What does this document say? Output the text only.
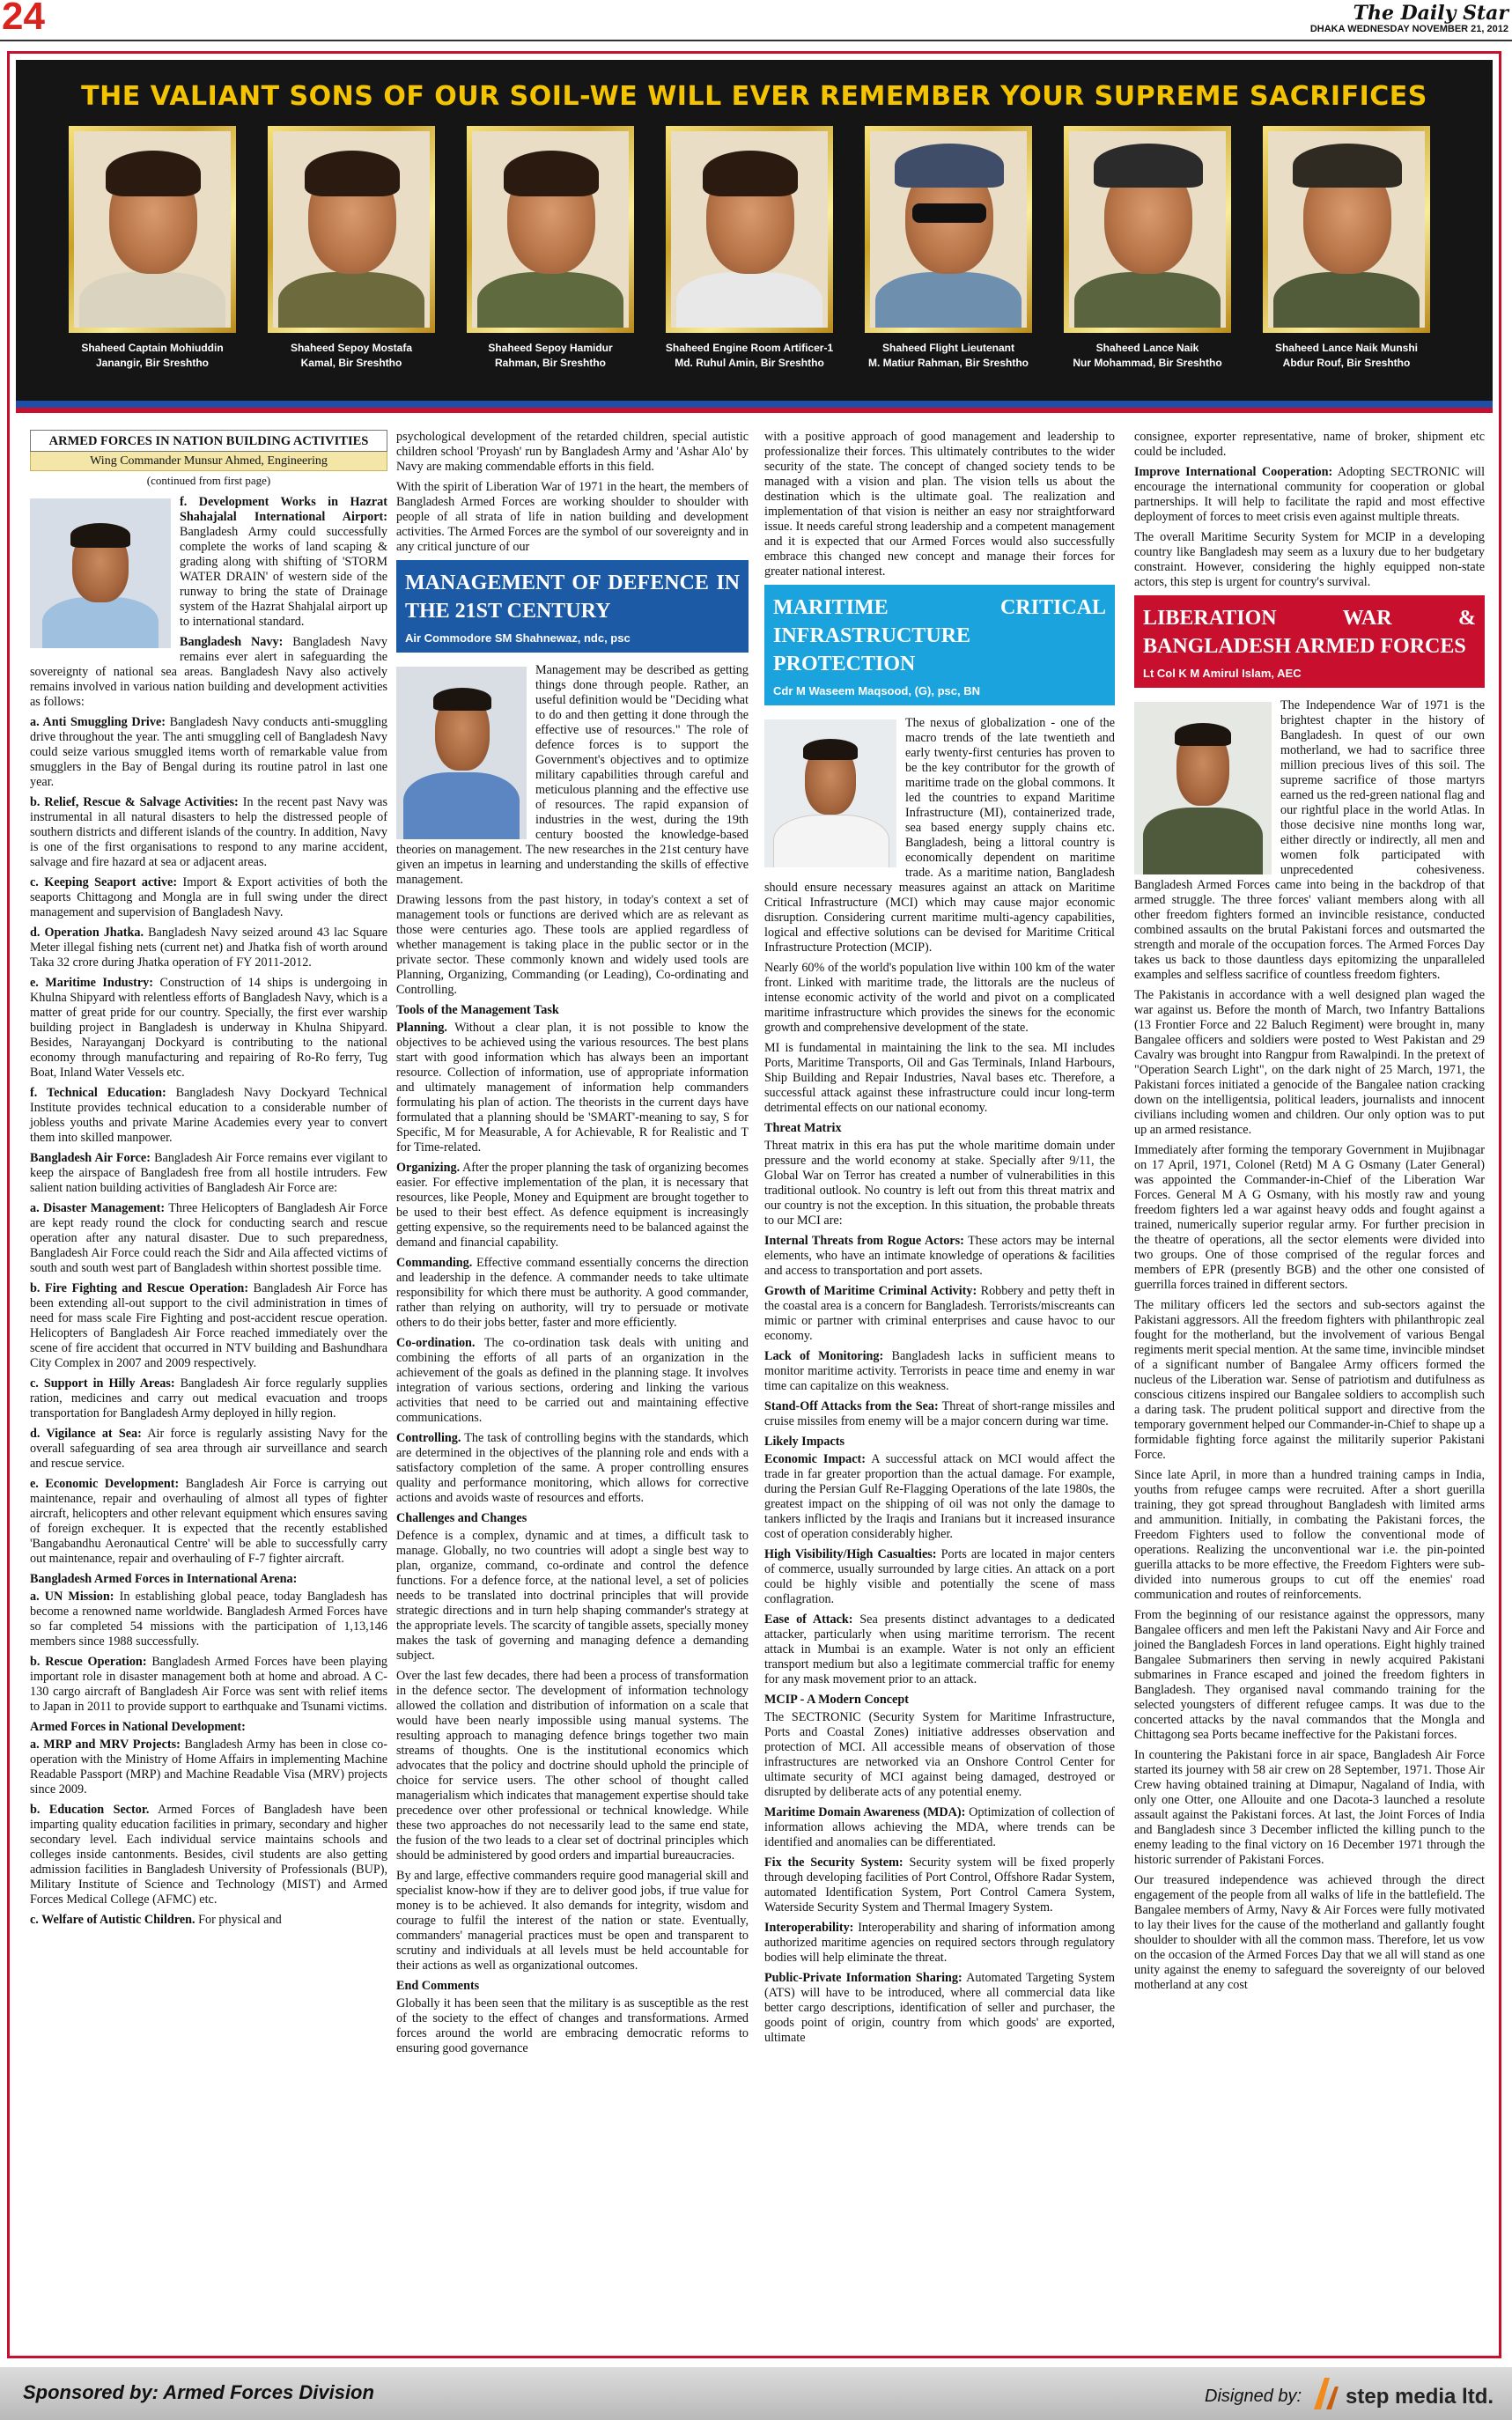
24	The Daily Star
DHAKA WEDNESDAY NOVEMBER 21, 2012
THE VALIANT SONS OF OUR SOIL-WE WILL EVER REMEMBER YOUR SUPREME SACRIFICES
Shaheed Captain Mohiuddin
Janangir, Bir Sreshtho
Shaheed Sepoy Mostafa
Kamal, Bir Sreshtho
Shaheed Sepoy Hamidur
Rahman, Bir Sreshtho
Shaheed Engine Room Artificer-1
Md. Ruhul Amin, Bir Sreshtho
Shaheed Flight Lieutenant
M. Matiur Rahman, Bir Sreshtho
Shaheed Lance Naik
Nur Mohammad, Bir Sreshtho
Shaheed Lance Naik Munshi
Abdur Rouf, Bir Sreshtho
ARMED FORCES IN NATION BUILDING ACTIVITIES
Wing Commander Munsur Ahmed, Engineering
(continued from first page)

f. Development Works in Hazrat Shahajalal International Airport: Bangladesh Army could successfully complete the works of land scaping & grading along with shifting of 'STORM WATER DRAIN' of western side of the runway to bring the state of Drainage system of the Hazrat Shahjalal airport up to international standard.

Bangladesh Navy: Bangladesh Navy remains ever alert in safeguarding the sovereignty of national sea areas. Bangladesh Navy also actively remains involved in various nation building and development activities as follows:

a. Anti Smuggling Drive: Bangladesh Navy conducts anti-smuggling drive throughout the year. The anti smuggling cell of Bangladesh Navy could seize various smuggled items worth of remarkable value from smugglers in the Bay of Bengal during its routine patrol in last one year.

b. Relief, Rescue & Salvage Activities: In the recent past Navy was instrumental in all natural disasters to help the distressed people of southern districts and different islands of the country. In addition, Navy is one of the first organisations to respond to any marine accident, salvage and fire hazard at sea or adjacent areas.

c. Keeping Seaport active: Import & Export activities of both the seaports Chittagong and Mongla are in full swing under the direct management and supervision of Bangladesh Navy.

d. Operation Jhatka. Bangladesh Navy seized around 43 lac Square Meter illegal fishing nets (current net) and Jhatka fish of worth around Taka 32 crore during Jhatka operation of FY 2011-2012.

e. Maritime Industry: Construction of 14 ships is undergoing in Khulna Shipyard with relentless efforts of Bangladesh Navy, which is a matter of great pride for our country. Specially, the first ever warship building project in Bangladesh is underway in Khulna Shipyard. Besides, Narayanganj Dockyard is contributing to the national economy through manufacturing and repairing of Ro-Ro ferry, Tug Boat, Inland Water Vessels etc.

f. Technical Education: Bangladesh Navy Dockyard Technical Institute provides technical education to a considerable number of jobless youths and private Marine Academies every year to convert them into skilled manpower.

Bangladesh Air Force: Bangladesh Air Force remains ever vigilant to keep the airspace of Bangladesh free from all hostile intruders. Few salient nation building activities of Bangladesh Air Force are:

a. Disaster Management: Three Helicopters of Bangladesh Air Force are kept ready round the clock for conducting search and rescue operation after any natural disaster. Due to such preparedness, Bangladesh Air Force could reach the Sidr and Aila affected victims of south and south west part of Bangladesh within shortest possible time.

b. Fire Fighting and Rescue Operation: Bangladesh Air Force has been extending all-out support to the civil administration in times of need for mass scale Fire Fighting and post-accident rescue operation. Helicopters of Bangladesh Air Force reached immediately over the scene of fire accident that occurred in NTV building and Bashundhara City Complex in 2007 and 2009 respectively.

c. Support in Hilly Areas: Bangladesh Air force regularly supplies ration, medicines and carry out medical evacuation and troops transportation for Bangladesh Army deployed in hilly region.

d. Vigilance at Sea: Air force is regularly assisting Navy for the overall safeguarding of sea area through air surveillance and search and rescue service.

e. Economic Development: Bangladesh Air Force is carrying out maintenance, repair and overhauling of almost all types of fighter aircraft, helicopters and other relevant equipment which ensures saving of foreign exchequer. It is expected that the recently established 'Bangabandhu Aeronautical Centre' will be able to successfully carry out maintenance, repair and overhauling of F-7 fighter aircraft.

Bangladesh Armed Forces in International Arena:

a. UN Mission: In establishing global peace, today Bangladesh has become a renowned name worldwide. Bangladesh Armed Forces have so far completed 54 missions with the participation of 1,13,146 members since 1988 successfully.

b. Rescue Operation: Bangladesh Armed Forces have been playing important role in disaster management both at home and abroad. A C-130 cargo aircraft of Bangladesh Air Force was sent with relief items to Japan in 2011 to provide support to earthquake and Tsunami victims.

Armed Forces in National Development:

a. MRP and MRV Projects: Bangladesh Army has been in close co-operation with the Ministry of Home Affairs in implementing Machine Readable Passport (MRP) and Machine Readable Visa (MRV) projects since 2009.

b. Education Sector. Armed Forces of Bangladesh have been imparting quality education facilities in primary, secondary and higher secondary level. Each individual service maintains schools and colleges inside cantonments. Besides, civil students are also getting admission facilities in Bangladesh University of Professionals (BUP), Military Institute of Science and Technology (MIST) and Armed Forces Medical College (AFMC) etc.

c. Welfare of Autistic Children. For physical and

psychological development of the retarded children, special autistic children school 'Proyash' run by Bangladesh Army and 'Ashar Alo' by Navy are making commendable efforts in this field.

With the spirit of Liberation War of 1971 in the heart, the members of Bangladesh Armed Forces are working shoulder to shoulder with people of all strata of life in nation building and development activities. The Armed Forces are the symbol of our sovereignty and in any critical juncture of our

MANAGEMENT OF DEFENCE IN THE 21ST CENTURY
Air Commodore SM Shahnewaz, ndc, psc

Management may be described as getting things done through people. Rather, an useful definition would be "Deciding what to do and then getting it done through the effective use of resources." The role of defence forces is to support the Government's objectives and to optimize military capabilities through careful and meticulous planning and the effective use of resources. The rapid expansion of industries in the west, during the 19th century boosted the knowledge-based theories on management. The new researches in the 21st century have given an impetus in learning and understanding the skills of effective management.

Drawing lessons from the past history, in today's context a set of management tools or functions are derived which are as relevant as those were centuries ago. These tools are applied regardless of whether management is taking place in the public sector or in the private sector. These commonly known and widely used tools are Planning, Organizing, Commanding (or Leading), Co-ordinating and Controlling.

Tools of the Management Task

Planning. Without a clear plan, it is not possible to know the objectives to be achieved using the various resources. The best plans start with good information which has always been an important resource. Collection of information, use of appropriate information and ultimately management of information help commanders formulating his plan of action. The theorists in the current days have formulated that a planning should be 'SMART'-meaning to say, S for Specific, M for Measurable, A for Achievable, R for Realistic and T for Time-related.

Organizing. After the proper planning the task of organizing becomes easier. For effective implementation of the plan, it is necessary that resources, like People, Money and Equipment are brought together to be used to their best effect. As defence equipment is increasingly getting expensive, so the requirements need to be balanced against the demand and financial capability.

Commanding. Effective command essentially concerns the direction and leadership in the defence. A commander needs to take ultimate responsibility for which there must be authority. A good commander, rather than relying on authority, will try to persuade or motivate others to do their jobs better, faster and more efficiently.

Co-ordination. The co-ordination task deals with uniting and combining the efforts of all parts of an organization in the achievement of the goals as defined in the planning stage. It involves integration of various sections, ordering and linking the various activities that need to be carried out and maintaining effective communications.

Controlling. The task of controlling begins with the standards, which are determined in the objectives of the planning role and ends with a satisfactory completion of the same. A proper controlling ensures quality and performance monitoring, which allows for corrective actions and avoids waste of resources and efforts.

Challenges and Changes

Defence is a complex, dynamic and at times, a difficult task to manage. Globally, no two countries will adopt a single best way to plan, organize, command, co-ordinate and control the defence functions. For a defence force, at the national level, a set of policies needs to be translated into doctrinal principles that will provide strategic directions and in turn help shaping commander's strategy at the appropriate levels. The scarcity of tangible assets, specially money makes the task of governing and managing defence a demanding subject.

Over the last few decades, there had been a process of transformation in the defence sector. The development of information technology allowed the collation and distribution of information on a scale that would have been nearly impossible using manual systems. The resulting approach to managing defence brings together two main streams of thoughts. One is the institutional economics which advocates that the policy and doctrine should uphold the principle of choice for service users. The other school of thought called managerialism which indicates that management expertise should take precedence over other professional or technical knowledge. While these two approaches do not necessarily lead to the same end state, the fusion of the two leads to a clear set of doctrinal principles which should be administered by good orders and impartial bureaucracies.

By and large, effective commanders require good managerial skill and specialist know-how if they are to deliver good jobs, if true value for money is to be achieved. It also demands for integrity, wisdom and courage to fulfil the interest of the nation or state. Eventually, commanders' managerial practices must be open and transparent to scrutiny and individuals at all levels must be held accountable for their actions as well as organizational outcomes.

End Comments

Globally it has been seen that the military is as susceptible as the rest of the society to the effect of changes and transformations. Armed forces around the world are embracing democratic reforms to ensuring good governance

with a positive approach of good management and leadership to professionalize their forces. This ultimately contributes to the wider security of the state. The concept of changed society tends to be managed with a vision and plan. The vision tells us about the destination which is the ultimate goal. The realization and implementation of that vision is neither an easy nor straightforward issue. It needs careful strong leadership and a competent management and it is expected that our Armed Forces would also successfully embrace this changed new concept and manage their forces for greater national interest.

MARITIME CRITICAL INFRASTRUCTURE PROTECTION
Cdr M Waseem Maqsood, (G), psc, BN

The nexus of globalization - one of the macro trends of the late twentieth and early twenty-first centuries has proven to be the key contributor for the growth of maritime trade on the global commons. It led the countries to expand Maritime Infrastructure (MI), containerized trade, sea based energy supply chains etc. Bangladesh, being a littoral country is economically dependent on maritime trade. As a maritime nation, Bangladesh should ensure necessary measures against an attack on Maritime Critical Infrastructure (MCI) which may cause major economic disruption. Considering current maritime multi-agency capabilities, logical and effective solutions can be devised for Maritime Critical Infrastructure Protection (MCIP).

Nearly 60% of the world's population live within 100 km of the water front. Linked with maritime trade, the littorals are the nucleus of intense economic activity of the world and pivot on a complicated maritime infrastructure which provides the sinews for the economic growth and comprehensive development of the state.

MI is fundamental in maintaining the link to the sea. MI includes Ports, Maritime Transports, Oil and Gas Terminals, Inland Harbours, Ship Building and Repair Industries, Naval bases etc. Therefore, a successful attack against these infrastructure could incur long-term detrimental effects on our national economy.

Threat Matrix

Threat matrix in this era has put the whole maritime domain under pressure and the world economy at stake. Specially after 9/11, the Global War on Terror has created a number of vulnerabilities in this traditional outlook. No country is left out from this threat matrix and our country is not the exception. In this situation, the probable threats to our MCI are:

Internal Threats from Rogue Actors: These actors may be internal elements, who have an intimate knowledge of operations & facilities and access to transportation and port assets.

Growth of Maritime Criminal Activity: Robbery and petty theft in the coastal area is a concern for Bangladesh. Terrorists/miscreants can mimic or partner with criminal enterprises and cause havoc to our economy.

Lack of Monitoring: Bangladesh lacks in sufficient means to monitor maritime activity. Terrorists in peace time and enemy in war time can capitalize on this weakness.

Stand-Off Attacks from the Sea: Threat of short-range missiles and cruise missiles from enemy will be a major concern during war time.

Likely Impacts

Economic Impact: A successful attack on MCI would affect the trade in far greater proportion than the actual damage. For example, during the Persian Gulf Re-Flagging Operations of the late 1980s, the greatest impact on the shipping of oil was not only the damage to tankers inflicted by the Iraqis and Iranians but it increased insurance cost of operation considerably higher.

High Visibility/High Casualties: Ports are located in major centers of commerce, usually surrounded by large cities. An attack on a port could be highly visible and potentially the scene of mass conflagration.

Ease of Attack: Sea presents distinct advantages to a dedicated attacker, particularly when using maritime terrorism. The recent attack in Mumbai is an example. Water is not only an efficient transport medium but also a legitimate commercial traffic for enemy for any mask movement prior to an attack.

MCIP - A Modern Concept

The SECTRONIC (Security System for Maritime Infrastructure, Ports and Coastal Zones) initiative addresses observation and protection of MCI. All accessible means of observation of those infrastructures are networked via an Onshore Control Center for ultimate security of MCI against being damaged, destroyed or disrupted by deliberate acts of any potential enemy.

Maritime Domain Awareness (MDA): Optimization of collection of information allows achieving the MDA, where trends can be identified and anomalies can be differentiated.

Fix the Security System: Security system will be fixed properly through developing facilities of Port Control, Offshore Radar System, automated Identification System, Port Control Camera System, Waterside Security System and Thermal Imagery System.

Interoperability: Interoperability and sharing of information among authorized maritime agencies on required sectors through regulatory bodies will help eliminate the threat.

Public-Private Information Sharing: Automated Targeting System (ATS) will have to be introduced, where all commercial data like better cargo descriptions, identification of seller and purchaser, the goods point of origin, country from which goods' are exported, ultimate

consignee, exporter representative, name of broker, shipment etc could be included.

Improve International Cooperation: Adopting SECTRONIC will encourage the international community for cooperation or global partnerships. It will help to facilitate the rapid and most effective deployment of forces to meet crisis even against multiple threats.

The overall Maritime Security System for MCIP in a developing country like Bangladesh may seem as a luxury due to her budgetary constraint. However, considering the highly equipped non-state actors, this step is urgent for country's survival.

LIBERATION WAR & BANGLADESH ARMED FORCES
Lt Col K M Amirul Islam, AEC

The Independence War of 1971 is the brightest chapter in the history of Bangladesh. In quest of our own motherland, we had to sacrifice three million precious lives of this soil. The supreme sacrifice of those martyrs earned us the red-green national flag and our rightful place in the world Atlas. In those decisive nine months long war, either directly or indirectly, all men and women folk participated with unprecedented cohesiveness. Bangladesh Armed Forces came into being in the backdrop of that armed struggle. The three forces' valiant members along with all other freedom fighters formed an invincible resistance, conducted combined assaults on the brutal Pakistani forces and outsmarted the strength and morale of the occupation forces. The Armed Forces Day takes us back to those dauntless days epitomizing the unparalleled examples and selfless sacrifice of countless freedom fighters.

The Pakistanis in accordance with a well designed plan waged the war against us. Before the month of March, two Infantry Battalions (13 Frontier Force and 22 Baluch Regiment) were brought in, many Bangalee officers and soldiers were posted to West Pakistan and 29 Cavalry was brought into Rangpur from Rawalpindi. In the pretext of "Operation Search Light", on the dark night of 25 March, 1971, the Pakistani forces initiated a genocide of the Bangalee nation cracking down on the intelligentsia, political leaders, journalists and innocent civilians including women and children. Our only option was to put up an armed resistance.

Immediately after forming the temporary Government in Mujibnagar on 17 April, 1971, Colonel (Retd) M A G Osmany (Later General) was appointed the Commander-in-Chief of the Liberation War Forces. General M A G Osmany, with his mostly raw and young freedom fighters led a war against heavy odds and fought against a trained, numerically superior regular army. For further precision in the theatre of operations, all the sector elements were divided into two groups. One of those comprised of the regular forces and members of EPR (presently BGB) and the other one consisted of guerrilla forces trained in different sectors.

The military officers led the sectors and sub-sectors against the Pakistani aggressors. All the freedom fighters with philanthropic zeal fought for the motherland, but the involvement of various Bengal regiments merit special mention. At the same time, invincible mindset of a significant number of Bangalee Army officers formed the nucleus of the Liberation war. Sense of patriotism and dutifulness as conscious citizens inspired our Bangalee soldiers to accomplish such a daring task. The prudent political support and directive from the temporary government helped our Commander-in-Chief to shape up a formidable fighting force against the militarily superior Pakistani Force.

Since late April, in more than a hundred training camps in India, youths from refugee camps were recruited. After a short guerilla training, they got spread throughout Bangladesh with limited arms and ammunition. Initially, in combating the Pakistani forces, the Freedom Fighters used to follow the conventional mode of operations. Realizing the unconventional war i.e. the pin-pointed guerilla attacks to be more effective, the Freedom Fighters were sub-divided into numerous groups to cut off the enemies' road communication and routes of reinforcements.

From the beginning of our resistance against the oppressors, many Bangalee officers and men left the Pakistani Navy and Air Force and joined the Bangladesh Forces in land operations. Eight highly trained Bangalee Submariners then serving in newly acquired Pakistani submarines in France escaped and joined the freedom fighters in Bangladesh. They organised naval commando training for the selected youngsters of different refugee camps. It was due to the concerted attacks by the naval commandos that the Mongla and Chittagong sea Ports became ineffective for the Pakistani forces.

In countering the Pakistani force in air space, Bangladesh Air Force started its journey with 58 air crew on 28 September, 1971. Those Air Crew having obtained training at Dimapur, Nagaland of India, with only one Otter, one Allouite and one Dacota-3 launched a resolute assault against the Pakistani forces. At last, the Joint Forces of India and Bangladesh since 3 December inflicted the killing punch to the enemy leading to the final victory on 16 December 1971 through the historic surrender of Pakistani Forces.

Our treasured independence was achieved through the direct engagement of the people from all walks of life in the battlefield. The Bangalee members of Army, Navy & Air Forces were fully motivated to lay their lives for the cause of the motherland and gallantly fought shoulder to shoulder with all the common mass. Therefore, let us vow on the occasion of the Armed Forces Day that we all will stand as one unity against the enemy to safeguard the sovereignty of our beloved motherland at any cost

Sponsored by: Armed Forces Division	Disigned by: step media ltd.
